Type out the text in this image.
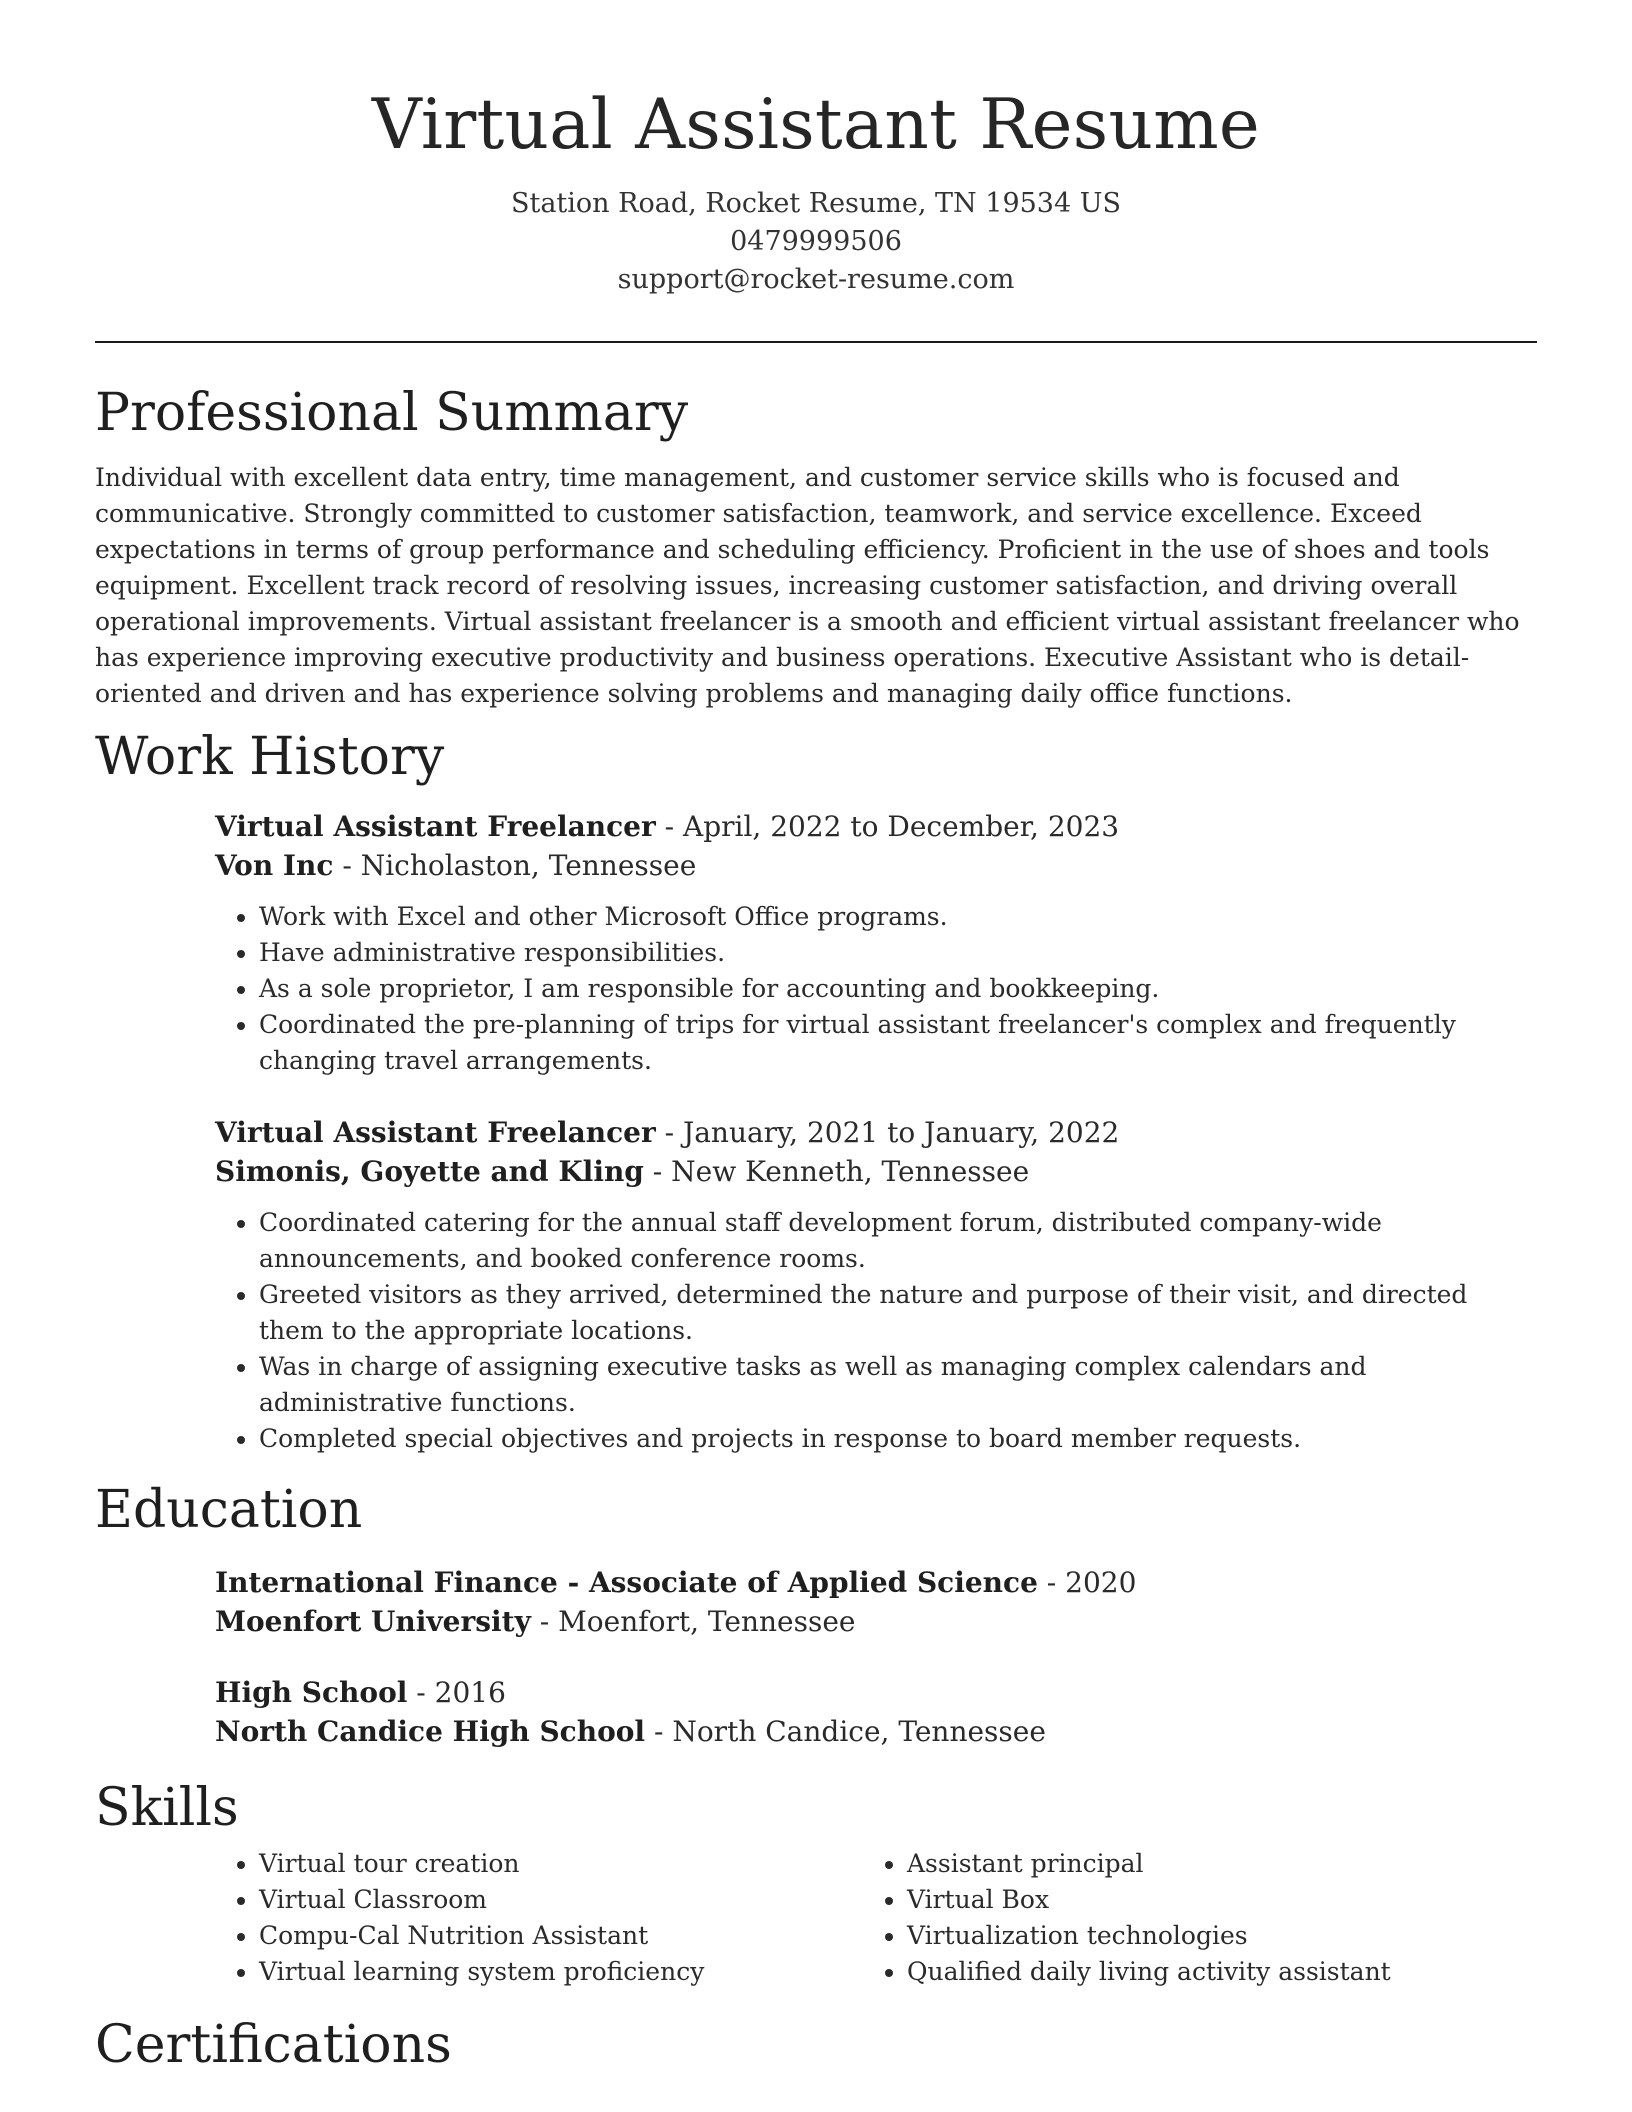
Virtual Assistant Resume
Station Road, Rocket Resume, TN 19534 US
0479999506
support@rocket-resume.com
Professional Summary

Individual with excellent data entry, time management, and customer service skills who is focused and communicative. Strongly committed to customer satisfaction, teamwork, and service excellence. Exceed expectations in terms of group performance and scheduling efficiency. Proficient in the use of shoes and tools equipment. Excellent track record of resolving issues, increasing customer satisfaction, and driving overall operational improvements. Virtual assistant freelancer is a smooth and efficient virtual assistant freelancer who has experience improving executive productivity and business operations. Executive Assistant who is detail-oriented and driven and has experience solving problems and managing daily office functions.

Work History
Virtual Assistant Freelancer - April, 2022 to December, 2023
Von Inc - Nicholaston, Tennessee
• Work with Excel and other Microsoft Office programs.
• Have administrative responsibilities.
• As a sole proprietor, I am responsible for accounting and bookkeeping.
• Coordinated the pre-planning of trips for virtual assistant freelancer's complex and frequently changing travel arrangements.
Virtual Assistant Freelancer - January, 2021 to January, 2022
Simonis, Goyette and Kling - New Kenneth, Tennessee
• Coordinated catering for the annual staff development forum, distributed company-wide announcements, and booked conference rooms.
• Greeted visitors as they arrived, determined the nature and purpose of their visit, and directed them to the appropriate locations.
• Was in charge of assigning executive tasks as well as managing complex calendars and administrative functions.
• Completed special objectives and projects in response to board member requests.
Education
International Finance - Associate of Applied Science - 2020
Moenfort University - Moenfort, Tennessee
High School - 2016
North Candice High School - North Candice, Tennessee
Skills
• Virtual tour creation
• Virtual Classroom
• Compu-Cal Nutrition Assistant
• Virtual learning system proficiency
• Assistant principal
• Virtual Box
• Virtualization technologies
• Qualified daily living activity assistant
Certifications
